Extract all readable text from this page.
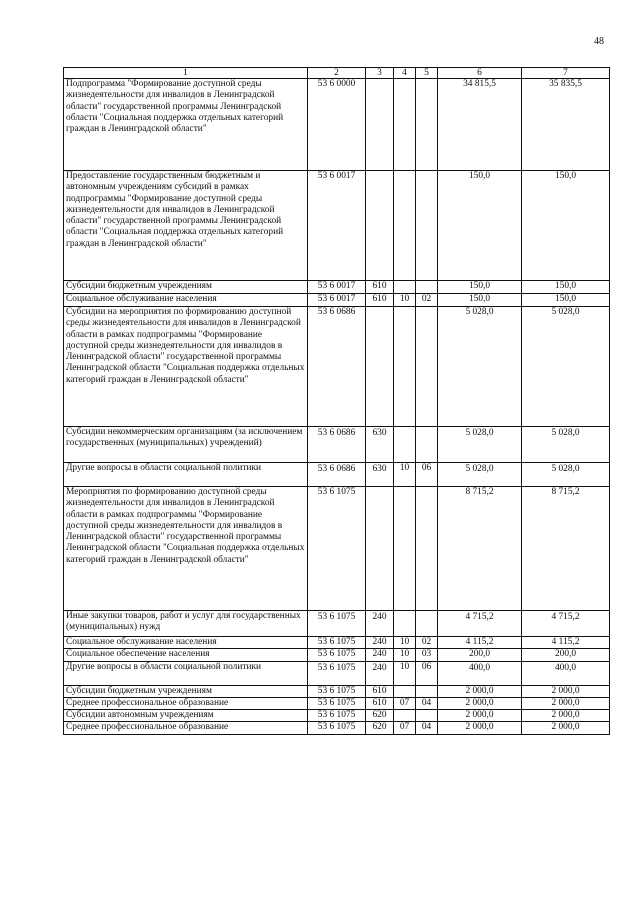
48
1	2	3	4	5	6	7
Подпрограмма "Формирование доступной среды жизнедеятельности для инвалидов в Ленинградской области" государственной программы Ленинградской области "Социальная поддержка отдельных категорий граждан в Ленинградской области"	53 6 0000				34 815,5	35 835,5
Предоставление государственным бюджетным и автономным учреждениям субсидий в рамках подпрограммы "Формирование доступной среды жизнедеятельности для инвалидов в Ленинградской области" государственной программы Ленинградской области "Социальная поддержка отдельных категорий граждан в Ленинградской области"	53 6 0017				150,0	150,0
Субсидии бюджетным учреждениям	53 6 0017	610			150,0	150,0
Социальное обслуживание населения	53 6 0017	610	10	02	150,0	150,0
Субсидии на мероприятия по формированию доступной среды жизнедеятельности для инвалидов в Ленинградской области в рамках подпрограммы "Формирование доступной среды жизнедеятельности для инвалидов в Ленинградской области" государственной программы Ленинградской области "Социальная поддержка отдельных категорий граждан в Ленинградской области"	53 6 0686				5 028,0	5 028,0
Субсидии некоммерческим организациям (за исключением государственных (муниципальных) учреждений)	53 6 0686	630			5 028,0	5 028,0
Другие вопросы в области социальной политики	53 6 0686	630	10	06	5 028,0	5 028,0
Мероприятия по формированию доступной среды жизнедеятельности для инвалидов в Ленинградской области в рамках подпрограммы "Формирование доступной среды жизнедеятельности для инвалидов в Ленинградской области" государственной программы Ленинградской области "Социальная поддержка отдельных категорий граждан в Ленинградской области"	53 6 1075				8 715,2	8 715,2
Иные закупки товаров, работ и услуг для государственных (муниципальных) нужд	53 6 1075	240			4 715,2	4 715,2
Социальное обслуживание населения	53 6 1075	240	10	02	4 115,2	4 115,2
Социальное обеспечение населения	53 6 1075	240	10	03	200,0	200,0
Другие вопросы в области социальной политики	53 6 1075	240	10	06	400,0	400,0
Субсидии бюджетным учреждениям	53 6 1075	610			2 000,0	2 000,0
Среднее профессиональное образование	53 6 1075	610	07	04	2 000,0	2 000,0
Субсидии автономным учреждениям	53 6 1075	620			2 000,0	2 000,0
Среднее профессиональное образование	53 6 1075	620	07	04	2 000,0	2 000,0
